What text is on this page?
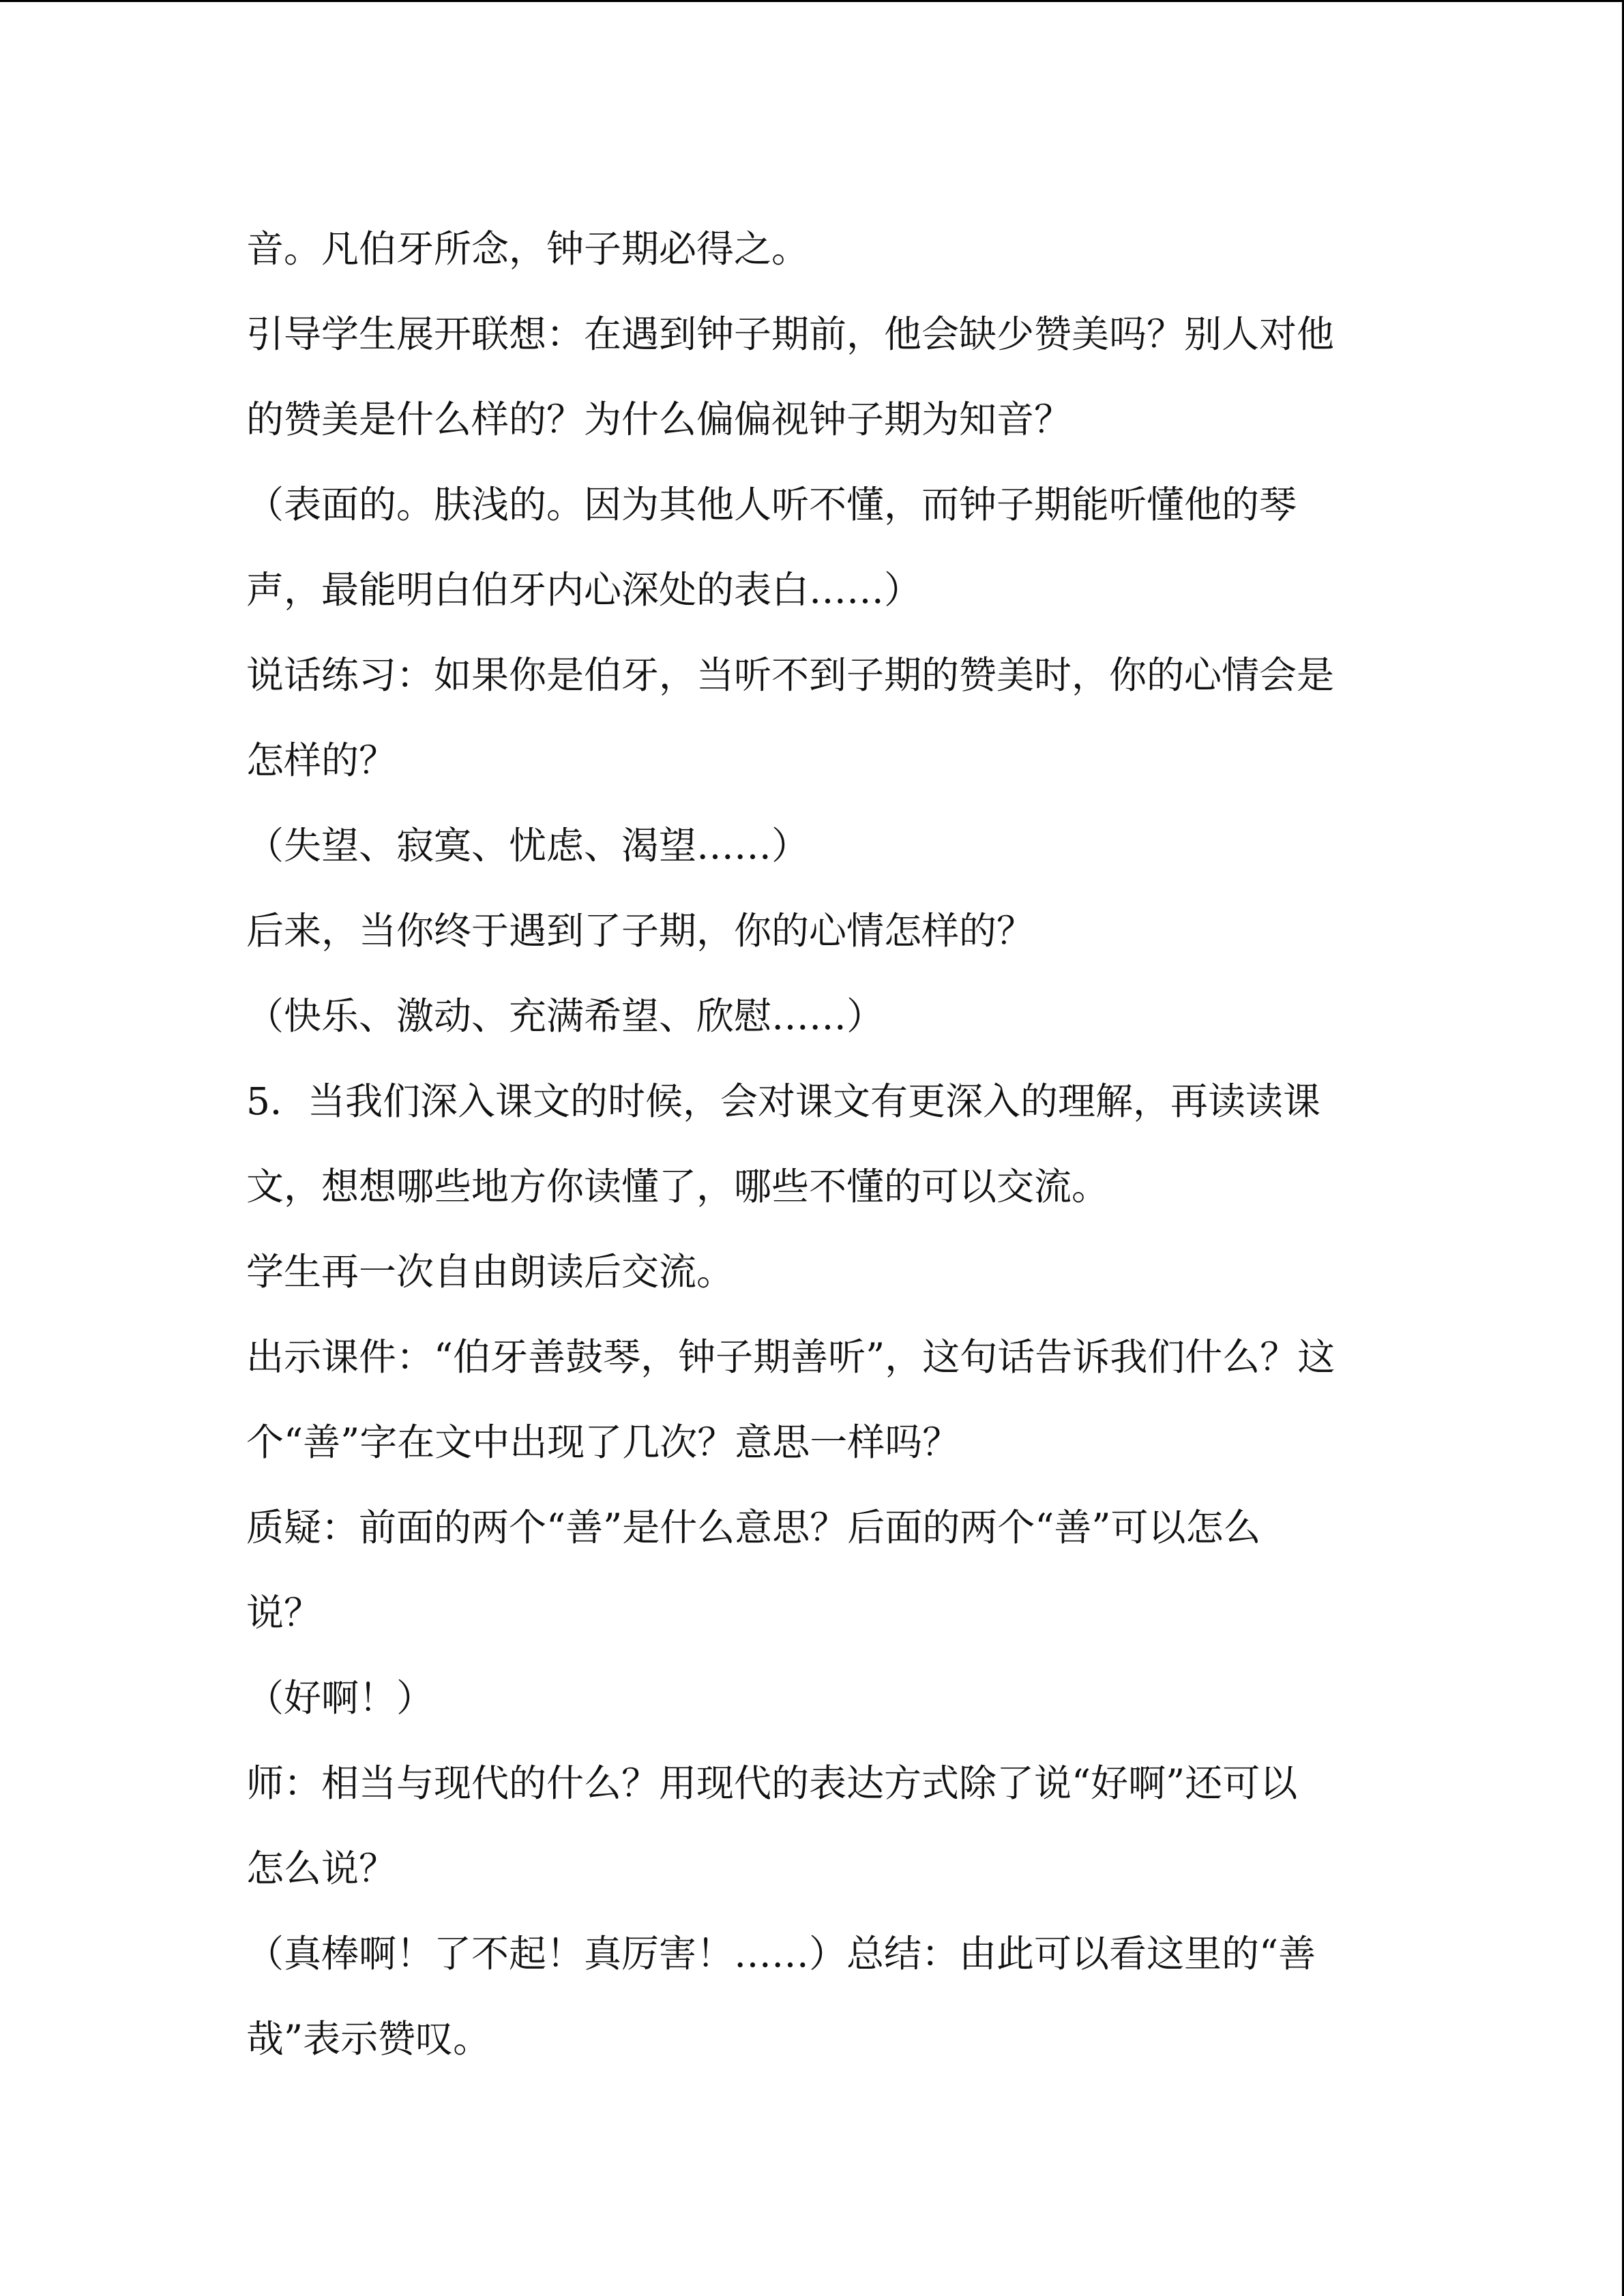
音。凡伯牙所念，钟子期必得之。

引导学生展开联想：在遇到钟子期前，他会缺少赞美吗？别人对他

的赞美是什么样的？为什么偏偏视钟子期为知音？

（表面的。肤浅的。因为其他人听不懂，而钟子期能听懂他的琴

声，最能明白伯牙内心深处的表白……）

说话练习：如果你是伯牙，当听不到子期的赞美时，你的心情会是

怎样的？

（失望、寂寞、忧虑、渴望……）

后来，当你终于遇到了子期，你的心情怎样的？

（快乐、激动、充满希望、欣慰……）

5．当我们深入课文的时候，会对课文有更深入的理解，再读读课

文，想想哪些地方你读懂了，哪些不懂的可以交流。

学生再一次自由朗读后交流。

出示课件：“伯牙善鼓琴，钟子期善听”，这句话告诉我们什么？这

个“善”字在文中出现了几次？意思一样吗？

质疑：前面的两个“善”是什么意思？后面的两个“善”可以怎么

说？

（好啊！）

师：相当与现代的什么？用现代的表达方式除了说“好啊”还可以

怎么说？

（真棒啊！了不起！真厉害！……）总结：由此可以看这里的“善

哉”表示赞叹。
